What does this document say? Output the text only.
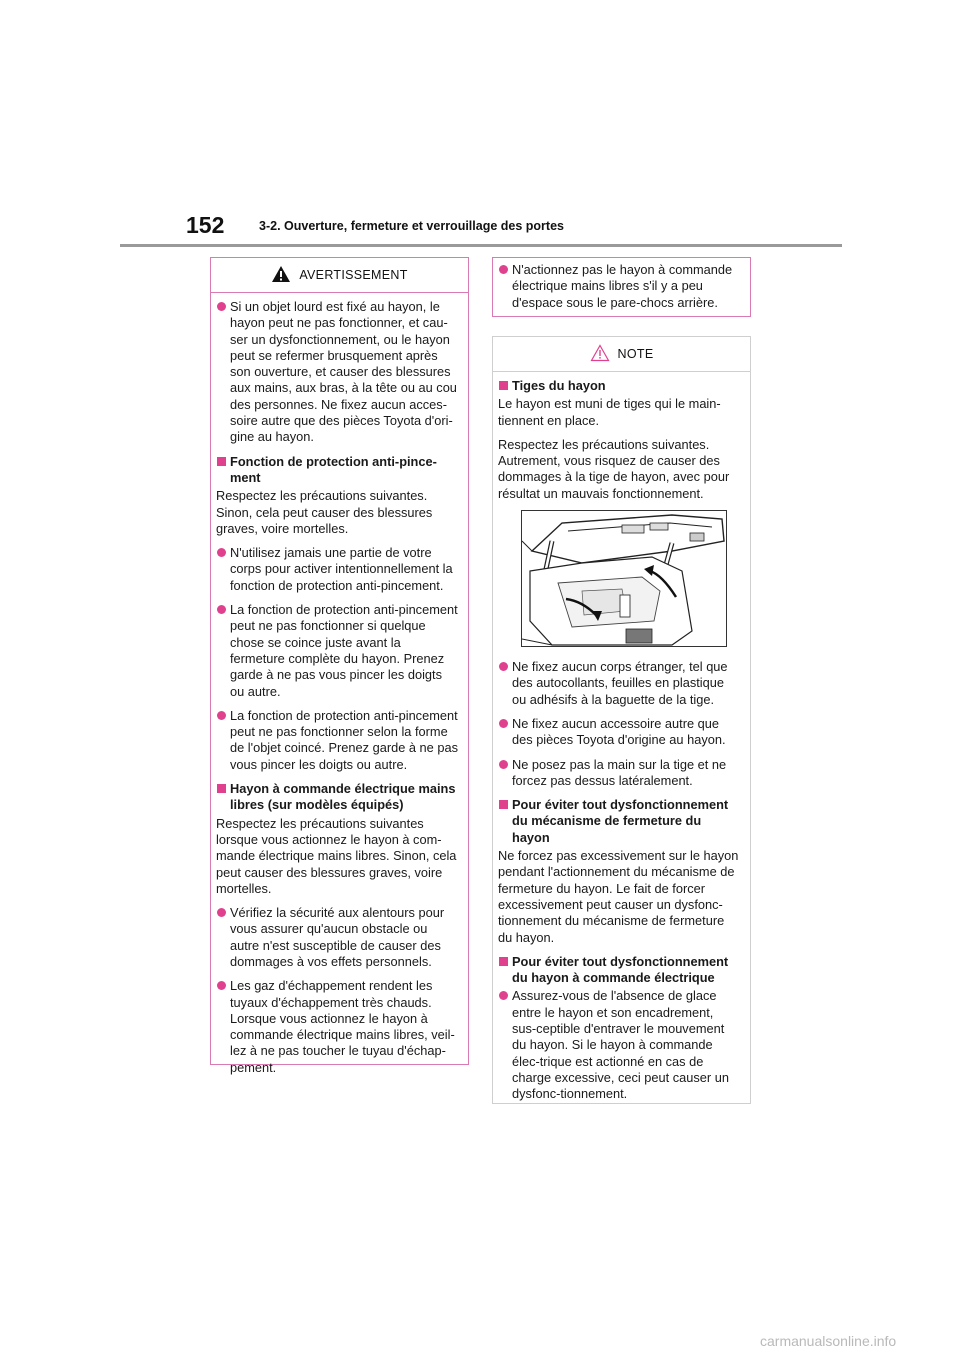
152	3-2. Ouverture, fermeture et verrouillage des portes
AVERTISSEMENT
Si un objet lourd est fixé au hayon, le hayon peut ne pas fonctionner, et cau-ser un dysfonctionnement, ou le hayon peut se refermer brusquement après son ouverture, et causer des blessures aux mains, aux bras, à la tête ou au cou des personnes. Ne fixez aucun acces-soire autre que des pièces Toyota d'ori-gine au hayon.
Fonction de protection anti-pince-ment
Respectez les précautions suivantes. Sinon, cela peut causer des blessures graves, voire mortelles.
N'utilisez jamais une partie de votre corps pour activer intentionnellement la fonction de protection anti-pincement.
La fonction de protection anti-pincement peut ne pas fonctionner si quelque chose se coince juste avant la fermeture complète du hayon. Prenez garde à ne pas vous pincer les doigts ou autre.
La fonction de protection anti-pincement peut ne pas fonctionner selon la forme de l'objet coincé. Prenez garde à ne pas vous pincer les doigts ou autre.
Hayon à commande électrique mains libres (sur modèles équipés)
Respectez les précautions suivantes lorsque vous actionnez le hayon à com-mande électrique mains libres. Sinon, cela peut causer des blessures graves, voire mortelles.
Vérifiez la sécurité aux alentours pour vous assurer qu'aucun obstacle ou autre n'est susceptible de causer des dommages à vos effets personnels.
Les gaz d'échappement rendent les tuyaux d'échappement très chauds. Lorsque vous actionnez le hayon à commande électrique mains libres, veil-lez à ne pas toucher le tuyau d'échap-pement.
N'actionnez pas le hayon à commande électrique mains libres s'il y a peu d'espace sous le pare-chocs arrière.
NOTE
Tiges du hayon
Le hayon est muni de tiges qui le main-tiennent en place.
Respectez les précautions suivantes. Autrement, vous risquez de causer des dommages à la tige de hayon, avec pour résultat un mauvais fonctionnement.
Ne fixez aucun corps étranger, tel que des autocollants, feuilles en plastique ou adhésifs à la baguette de la tige.
Ne fixez aucun accessoire autre que des pièces Toyota d'origine au hayon.
Ne posez pas la main sur la tige et ne forcez pas dessus latéralement.
Pour éviter tout dysfonctionnement du mécanisme de fermeture du hayon
Ne forcez pas excessivement sur le hayon pendant l'actionnement du mécanisme de fermeture du hayon. Le fait de forcer excessivement peut causer un dysfonc-tionnement du mécanisme de fermeture du hayon.
Pour éviter tout dysfonctionnement du hayon à commande électrique
Assurez-vous de l'absence de glace entre le hayon et son encadrement, sus-ceptible d'entraver le mouvement du hayon. Si le hayon à commande élec-trique est actionné en cas de charge excessive, ceci peut causer un dysfonc-tionnement.
carmanualsonline.info
